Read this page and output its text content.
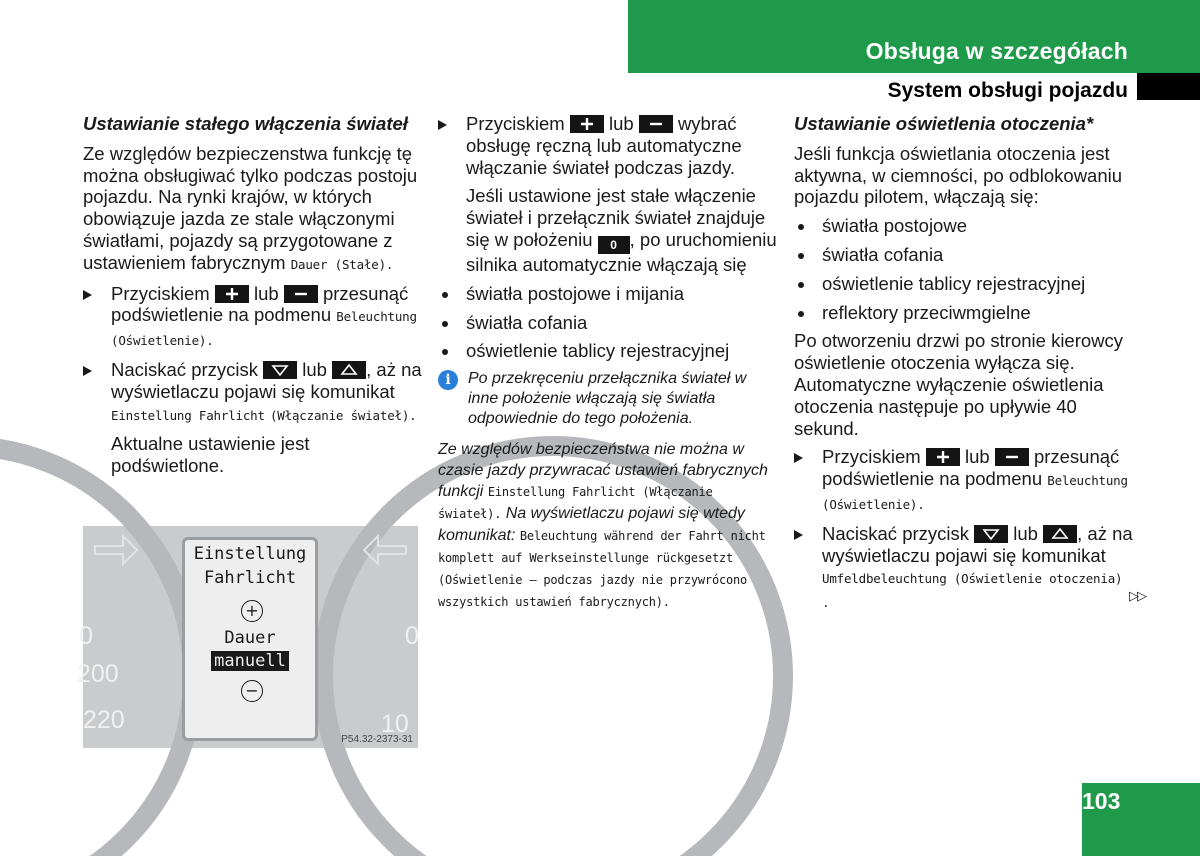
Obsługa w szczegółach
System obsługi pojazdu
Ustawianie stałego włączenia świateł

Ze względów bezpieczenstwa funkcję tę można obsługiwać tylko podczas postoju pojazdu. Na rynki krajów, w których obowiązuje jazda ze stale włączonymi światłami, pojazdy są przygotowane z ustawieniem fabrycznym Dauer (Stałe).

Przyciskiem lub przesunąć podświetlenie na podmenu Beleuchtung (Oświetlenie).
Naciskać przycisk lub , aż na wyświetlaczu pojawi się komunikat Einstellung Fahrlicht (Włączanie świateł).

Aktualne ustawienie jest podświetlone.

0
200
220
0
10
Einstellung
Fahrlicht
+
Dauer
manuell
−
P54.32-2373-31
Przyciskiem lub wybrać obsługę ręczną lub automatyczne włączanie świateł podczas jazdy.

Jeśli ustawione jest stałe włączenie świateł i przełącznik świateł znajduje się w położeniu 0 , po uruchomieniu silnika automatycznie włączają się

światła postojowe i mijania
światła cofania
oświetlenie tablicy rejestracyjnej
i	Po przekręceniu przełącznika świateł w inne położenie włączają się światła odpowiednie do tego położenia.
Ze względów bezpieczeństwa nie można w czasie jazdy przywracać ustawień fabrycznych funkcji Einstellung Fahrlicht (Włączanie świateł). Na wyświetlaczu pojawi się wtedy komunikat: Beleuchtung während der Fahrt nicht komplett auf Werkseinstellunge rückgesetzt (Oświetlenie – podczas jazdy nie przywrócono wszystkich ustawień fabrycznych).
Ustawianie oświetlenia otoczenia*

Jeśli funkcja oświetlania otoczenia jest aktywna, w ciemności, po odblokowaniu pojazdu pilotem, włączają się:

światła postojowe
światła cofania
oświetlenie tablicy rejestracyjnej
reflektory przeciwmgielne

Po otworzeniu drzwi po stronie kierowcy oświetlenie otoczenia wyłącza się. Automatyczne wyłączenie oświetlenia otoczenia następuje po upływie 40 sekund.

Przyciskiem lub przesunąć podświetlenie na podmenu Beleuchtung (Oświetlenie).
Naciskać przycisk lub , aż na wyświetlaczu pojawi się komunikat Umfeldbeleuchtung (Oświetlenie otoczenia) .	▷▷
103
